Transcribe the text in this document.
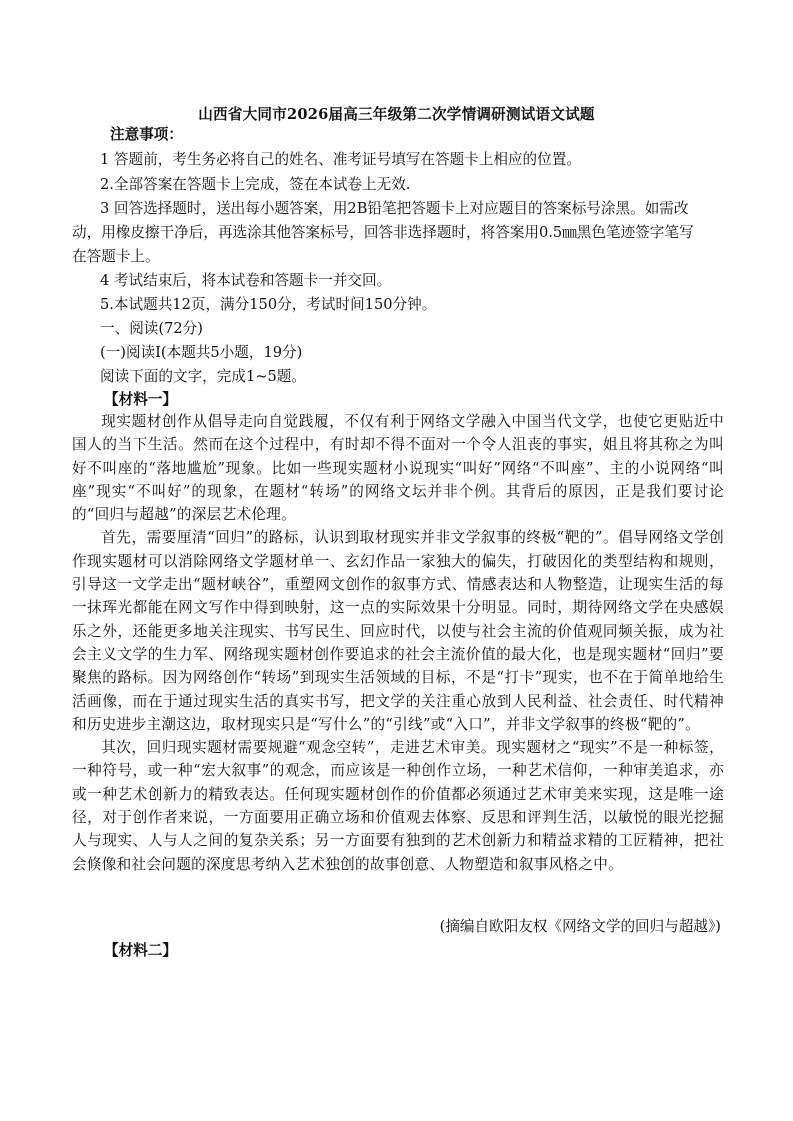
山西省大同市2026届高三年级第二次学情调研测试语文试题
注意事项：
1 答题前，考生务必将自己的姓名、准考证号填写在答题卡上相应的位置。
2.全部答案在答题卡上完成，签在本试卷上无效.
3 回答选择题时，送出每小题答案，用2B铅笔把答题卡上对应题目的答案标号涂黑。如需改
动，用橡皮擦干净后，再选涂其他答案标号，回答非选择题时，将答案用0.5㎜黑色笔迹签字笔写
在答题卡上。
4 考试结束后，将本试卷和答题卡一并交回。
5.本试题共12页，满分150分，考试时间150分钟。
一、阅读(72分)
(一)阅读Ⅰ(本题共5小题，19分)
阅读下面的文字，完成1~5题。
【材料一】

现实题材创作从倡导走向自觉践履，不仅有利于网络文学融入中国当代文学，也使它更贴近中国人的当下生活。然而在这个过程中，有时却不得不面对一个令人沮丧的事实，姐且将其称之为叫好不叫座的“落地尴尬”现象。比如一些现实题材小说现实“叫好”网络“不叫座”、主的小说网络“叫座”现实“不叫好”的现象，在题材“转场”的网络文坛并非个例。其背后的原因，正是我们要讨论的“回归与超越”的深层艺术伦理。

首先，需要厘清“回归”的路标，认识到取材现实并非文学叙事的终极“靶的”。倡导网络文学创作现实题材可以消除网络文学题材单一、玄幻作品一家独大的偏失，打破因化的类型结构和规则，引导这一文学走出“题材峡谷”，重塑网文创作的叙事方式、情感表达和人物整造，让现实生活的每一抹珲光都能在网文写作中得到映射，这一点的实际效果十分明显。同时，期待网络文学在央感娱乐之外，还能更多地关注现实、书写民生、回应时代，以使与社会主流的价值观同频关振，成为社会主义文学的生力军、网络现实题材创作要追求的社会主流价值的最大化，也是现实题材“回归”要聚焦的路标。因为网络创作“转场”到现实生活领域的目标，不是“打卡”现实，也不在于简单地给生活画像，而在于通过现实生活的真实书写，把文学的关注重心放到人民利益、社会责任、时代精神和历史进步主潮这边，取材现实只是“写什么”的“引线”或“入口”，并非文学叙事的终极“靶的”。

其次，回归现实题材需要规避“观念空转”，走进艺术审美。现实题材之“现实”不是一种标签，一种符号，或一种“宏大叙事”的观念，而应该是一种创作立场，一种艺术信仰，一种审美追求，亦或一种艺术创新力的精致表达。任何现实题材创作的价值都必须通过艺术审美来实现，这是唯一途径，对于创作者来说，一方面要用正确立场和价值观去体察、反思和评判生活，以敏悦的眼光挖掘人与现实、人与人之间的复杂关系；另一方面要有独到的艺术创新力和精益求精的工匠精神，把社会倏像和社会问题的深度思考纳入艺术独创的故事创意、人物塑造和叙事风格之中。

(摘编自欧阳友权《网络文学的回归与超越》)
【材料二】
